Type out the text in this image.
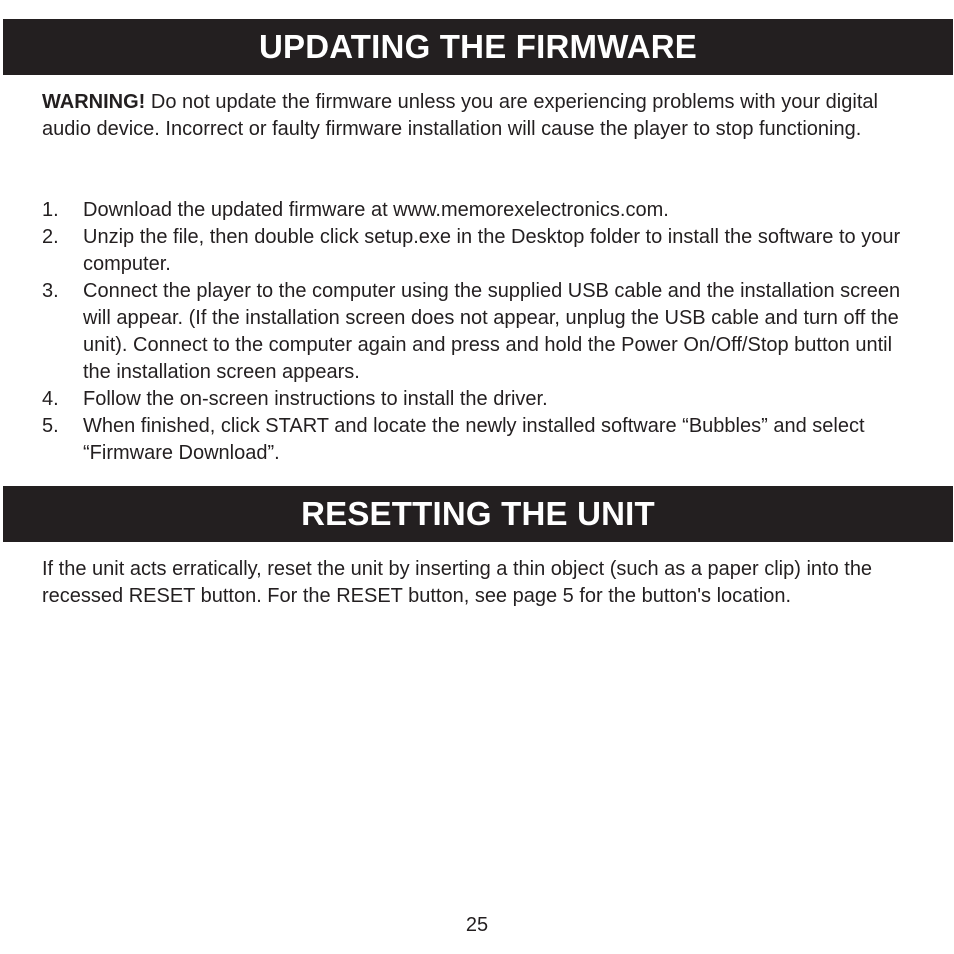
UPDATING THE FIRMWARE

WARNING! Do not update the firmware unless you are experiencing problems with your digital audio device. Incorrect or faulty firmware installation will cause the player to stop functioning.

1.	Download the updated firmware at www.memorexelectronics.com.
2.	Unzip the file, then double click setup.exe in the Desktop folder to install the software to your computer.
3.	Connect the player to the computer using the supplied USB cable and the installation screen will appear. (If the installation screen does not appear, unplug the USB cable and turn off the unit). Connect to the computer again and press and hold the Power On/Off/Stop button until the installation screen appears.
4.	Follow the on-screen instructions to install the driver.
5.	When finished, click START and locate the newly installed software “Bubbles” and select “Firmware Download”.
RESETTING THE UNIT

If the unit acts erratically, reset the unit by inserting a thin object (such as a paper clip) into the recessed RESET button. For the RESET button, see page 5 for the button's location.

25
